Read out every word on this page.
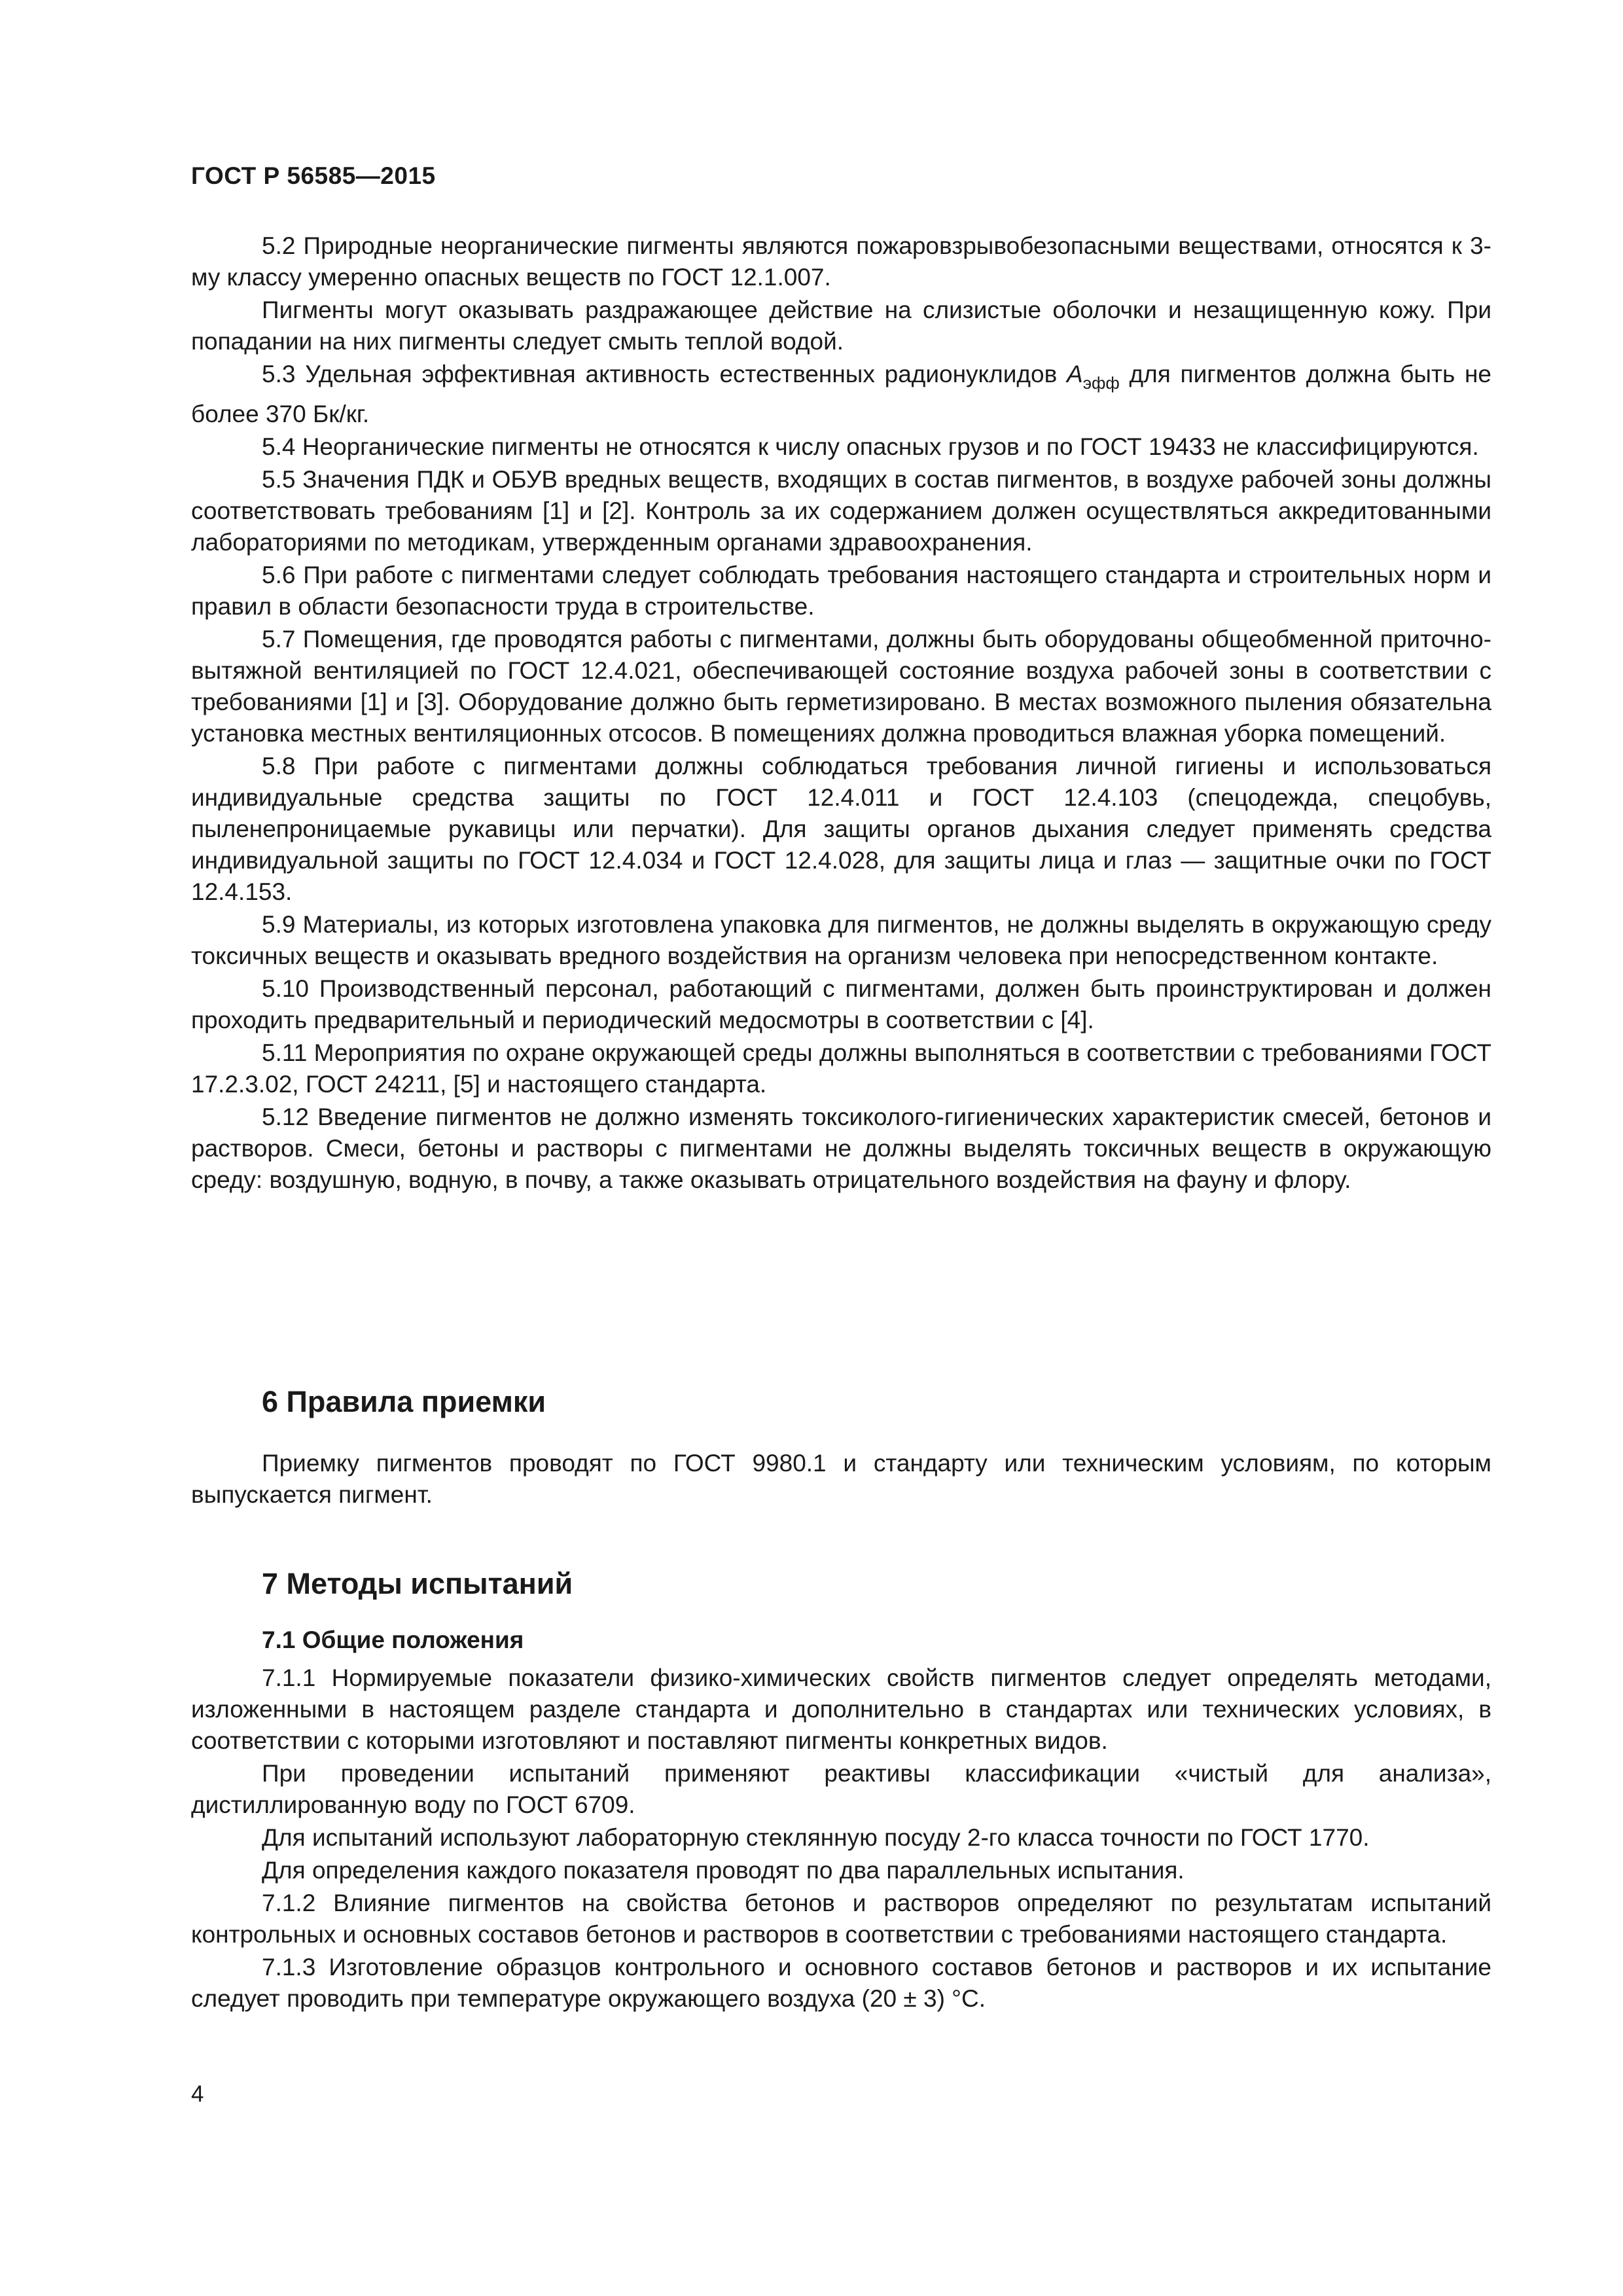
ГОСТ Р 56585—2015

5.2 Природные неорганические пигменты являются пожаровзрывобезопасными веществами, относятся к 3-му классу умеренно опасных веществ по ГОСТ 12.1.007.

Пигменты могут оказывать раздражающее действие на слизистые оболочки и незащищенную кожу. При попадании на них пигменты следует смыть теплой водой.

5.3 Удельная эффективная активность естественных радионуклидов $A_{эфф}$ для пигментов должна быть не более 370 Бк/кг.

5.4 Неорганические пигменты не относятся к числу опасных грузов и по ГОСТ 19433 не классифицируются.

5.5 Значения ПДК и ОБУВ вредных веществ, входящих в состав пигментов, в воздухе рабочей зоны должны соответствовать требованиям [1] и [2]. Контроль за их содержанием должен осуществляться аккредитованными лабораториями по методикам, утвержденным органами здравоохранения.

5.6 При работе с пигментами следует соблюдать требования настоящего стандарта и строительных норм и правил в области безопасности труда в строительстве.

5.7 Помещения, где проводятся работы с пигментами, должны быть оборудованы общеобменной приточно-вытяжной вентиляцией по ГОСТ 12.4.021, обеспечивающей состояние воздуха рабочей зоны в соответствии с требованиями [1] и [3]. Оборудование должно быть герметизировано. В местах возможного пыления обязательна установка местных вентиляционных отсосов. В помещениях должна проводиться влажная уборка помещений.

5.8 При работе с пигментами должны соблюдаться требования личной гигиены и использоваться индивидуальные средства защиты по ГОСТ 12.4.011 и ГОСТ 12.4.103 (спецодежда, спецобувь, пыленепроницаемые рукавицы или перчатки). Для защиты органов дыхания следует применять средства индивидуальной защиты по ГОСТ 12.4.034 и ГОСТ 12.4.028, для защиты лица и глаз — защитные очки по ГОСТ 12.4.153.

5.9 Материалы, из которых изготовлена упаковка для пигментов, не должны выделять в окружающую среду токсичных веществ и оказывать вредного воздействия на организм человека при непосредственном контакте.

5.10 Производственный персонал, работающий с пигментами, должен быть проинструктирован и должен проходить предварительный и периодический медосмотры в соответствии с [4].

5.11 Мероприятия по охране окружающей среды должны выполняться в соответствии с требованиями ГОСТ 17.2.3.02, ГОСТ 24211, [5] и настоящего стандарта.

5.12 Введение пигментов не должно изменять токсиколого-гигиенических характеристик смесей, бетонов и растворов. Смеси, бетоны и растворы с пигментами не должны выделять токсичных веществ в окружающую среду: воздушную, водную, в почву, а также оказывать отрицательного воздействия на фауну и флору.

6 Правила приемки

Приемку пигментов проводят по ГОСТ 9980.1 и стандарту или техническим условиям, по которым выпускается пигмент.

7 Методы испытаний
7.1 Общие положения

7.1.1 Нормируемые показатели физико-химических свойств пигментов следует определять методами, изложенными в настоящем разделе стандарта и дополнительно в стандартах или технических условиях, в соответствии с которыми изготовляют и поставляют пигменты конкретных видов.

При проведении испытаний применяют реактивы классификации «чистый для анализа», дистиллированную воду по ГОСТ 6709.

Для испытаний используют лабораторную стеклянную посуду 2-го класса точности по ГОСТ 1770.

Для определения каждого показателя проводят по два параллельных испытания.

7.1.2 Влияние пигментов на свойства бетонов и растворов определяют по результатам испытаний контрольных и основных составов бетонов и растворов в соответствии с требованиями настоящего стандарта.

7.1.3 Изготовление образцов контрольного и основного составов бетонов и растворов и их испытание следует проводить при температуре окружающего воздуха (20 ± 3) °С.

4
